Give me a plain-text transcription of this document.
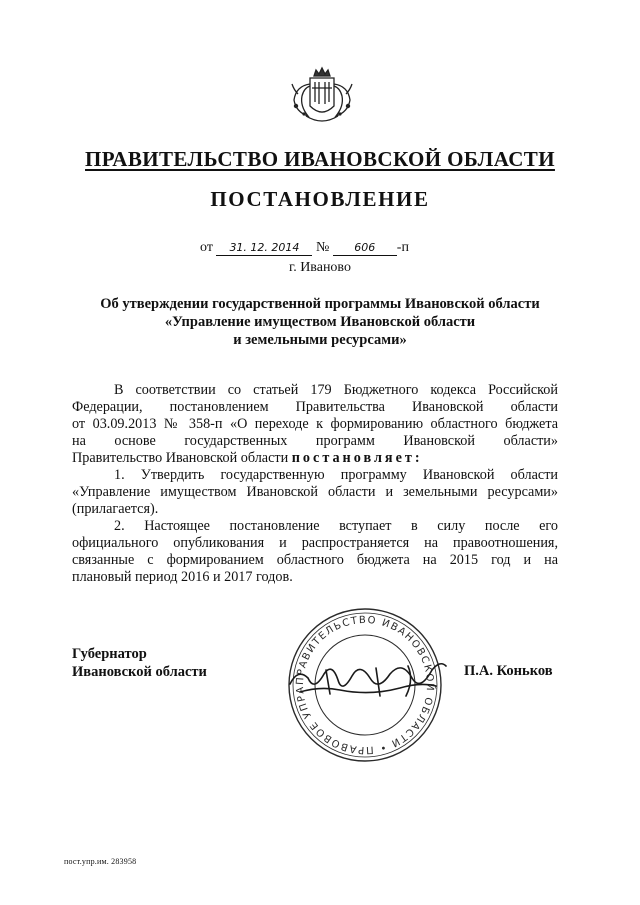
ПРАВИТЕЛЬСТВО ИВАНОВСКОЙ ОБЛАСТИ
ПОСТАНОВЛЕНИЕ
от 31. 12. 2014 № 606 -п
г. Иваново
Об утверждении государственной программы Ивановской области
«Управление имуществом Ивановской области
и земельными ресурсами»
В соответствии со статьей 179 Бюджетного кодекса Российской
Федерации, постановлением Правительства Ивановской области
от 03.09.2013 № 358-п «О переходе к формированию областного бюджета
на основе государственных программ Ивановской области»
Правительство Ивановской области постановляет:
1. Утвердить государственную программу Ивановской области
«Управление имуществом Ивановской области и земельными ресурсами»
(прилагается).
2. Настоящее постановление вступает в силу после его
официального опубликования и распространяется на правоотношения,
связанные с формированием областного бюджета на 2015 год и на
плановый период 2016 и 2017 годов.
Губернатор
Ивановской области
ПРАВИТЕЛЬСТВО ИВАНОВСКОЙ ОБЛАСТИ • ПРАВОВОЕ УПРА
П.А. Коньков
пост.упр.им. 283958
